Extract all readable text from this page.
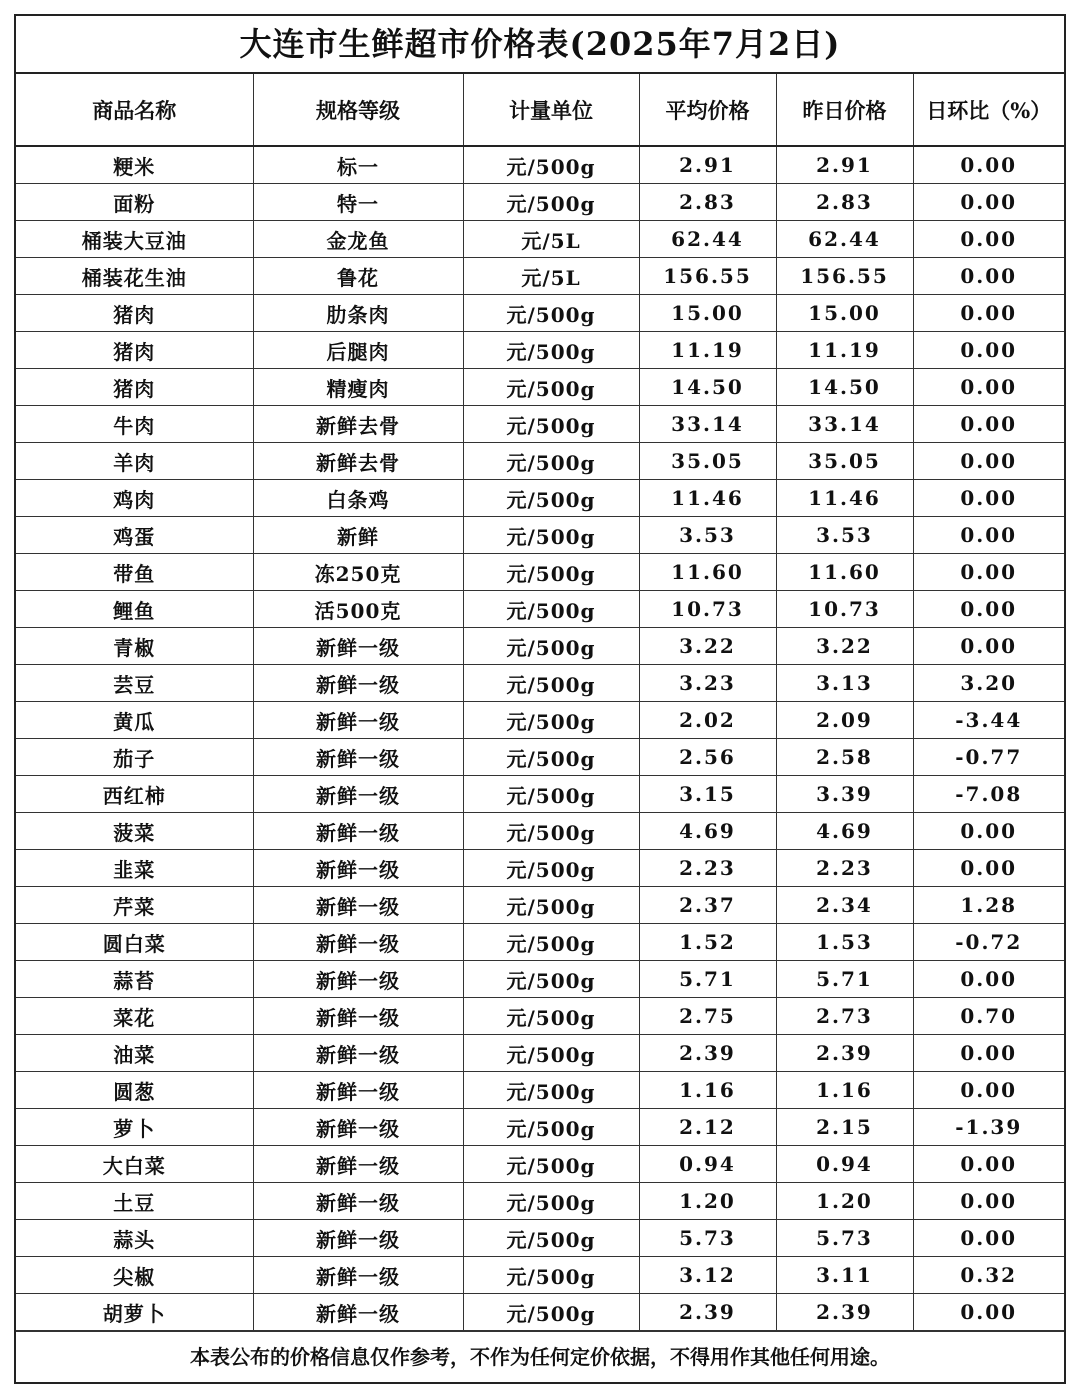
大连市生鲜超市价格表(2025年7月2日)
商品名称	规格等级	计量单位	平均价格	昨日价格	日环比（%）
粳米	标一	元/500g	2.91	2.91	0.00
面粉	特一	元/500g	2.83	2.83	0.00
桶装大豆油	金龙鱼	元/5L	62.44	62.44	0.00
桶装花生油	鲁花	元/5L	156.55	156.55	0.00
猪肉	肋条肉	元/500g	15.00	15.00	0.00
猪肉	后腿肉	元/500g	11.19	11.19	0.00
猪肉	精瘦肉	元/500g	14.50	14.50	0.00
牛肉	新鲜去骨	元/500g	33.14	33.14	0.00
羊肉	新鲜去骨	元/500g	35.05	35.05	0.00
鸡肉	白条鸡	元/500g	11.46	11.46	0.00
鸡蛋	新鲜	元/500g	3.53	3.53	0.00
带鱼	冻250克	元/500g	11.60	11.60	0.00
鲤鱼	活500克	元/500g	10.73	10.73	0.00
青椒	新鲜一级	元/500g	3.22	3.22	0.00
芸豆	新鲜一级	元/500g	3.23	3.13	3.20
黄瓜	新鲜一级	元/500g	2.02	2.09	-3.44
茄子	新鲜一级	元/500g	2.56	2.58	-0.77
西红柿	新鲜一级	元/500g	3.15	3.39	-7.08
菠菜	新鲜一级	元/500g	4.69	4.69	0.00
韭菜	新鲜一级	元/500g	2.23	2.23	0.00
芹菜	新鲜一级	元/500g	2.37	2.34	1.28
圆白菜	新鲜一级	元/500g	1.52	1.53	-0.72
蒜苔	新鲜一级	元/500g	5.71	5.71	0.00
菜花	新鲜一级	元/500g	2.75	2.73	0.70
油菜	新鲜一级	元/500g	2.39	2.39	0.00
圆葱	新鲜一级	元/500g	1.16	1.16	0.00
萝卜	新鲜一级	元/500g	2.12	2.15	-1.39
大白菜	新鲜一级	元/500g	0.94	0.94	0.00
土豆	新鲜一级	元/500g	1.20	1.20	0.00
蒜头	新鲜一级	元/500g	5.73	5.73	0.00
尖椒	新鲜一级	元/500g	3.12	3.11	0.32
胡萝卜	新鲜一级	元/500g	2.39	2.39	0.00
本表公布的价格信息仅作参考，不作为任何定价依据，不得用作其他任何用途。
